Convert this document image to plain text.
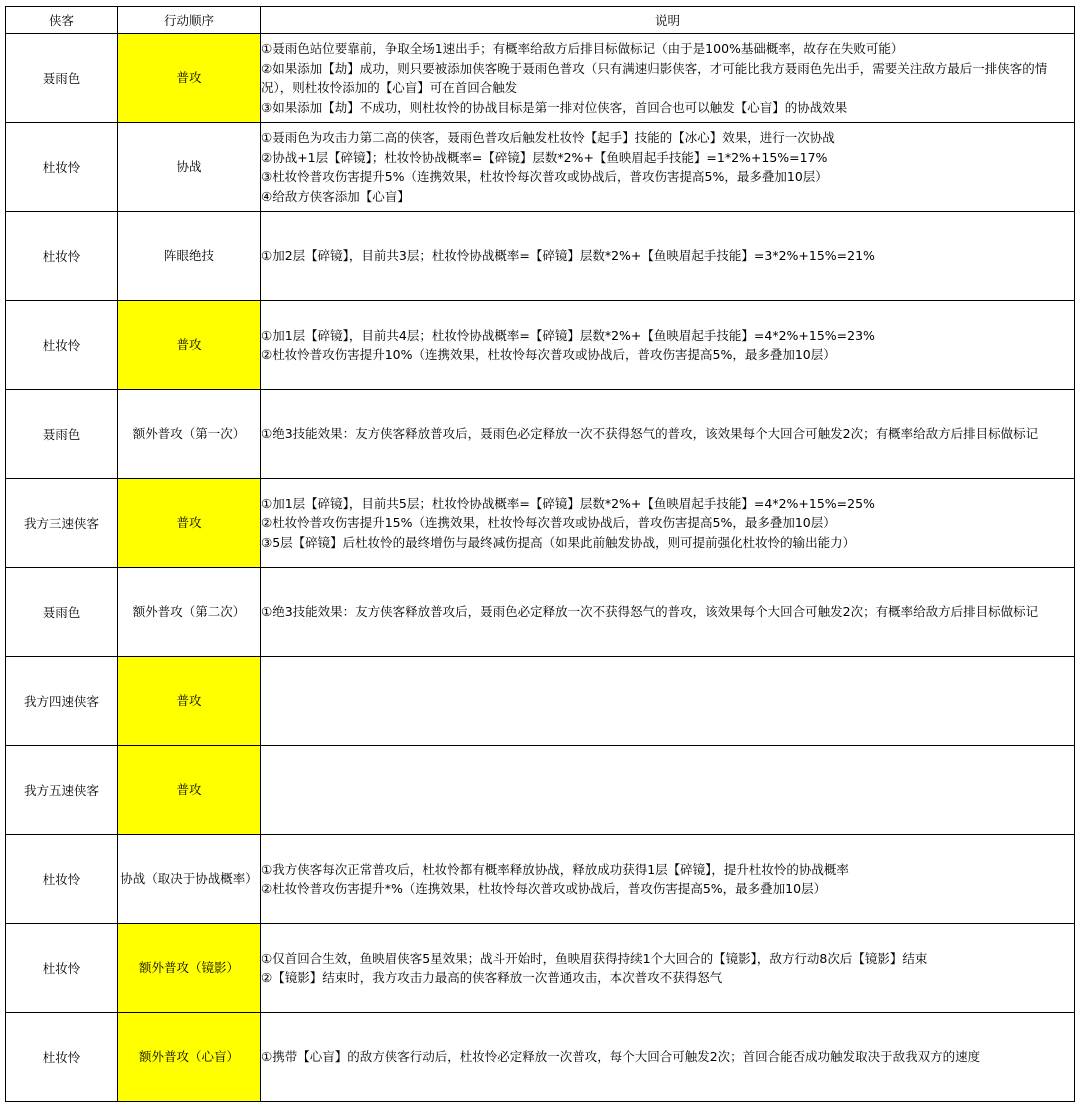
侠客	行动顺序	说明
聂雨色	普攻	①聂雨色站位要靠前，争取全场1速出手；有概率给敌方后排目标做标记（由于是100%基础概率，故存在失败可能）
②如果添加【劫】成功，则只要被添加侠客晚于聂雨色普攻（只有满速归影侠客，才可能比我方聂雨色先出手，需要关注敌方最后一排侠客的情况），则杜妆怜添加的【心盲】可在首回合触发
③如果添加【劫】不成功，则杜妆怜的协战目标是第一排对位侠客，首回合也可以触发【心盲】的协战效果

杜妆怜	协战	①聂雨色为攻击力第二高的侠客，聂雨色普攻后触发杜妆怜【起手】技能的【冰心】效果，进行一次协战
②协战+1层【碎镜】；杜妆怜协战概率=【碎镜】层数*2%+【鱼映眉起手技能】=1*2%+15%=17%
③杜妆怜普攻伤害提升5%（连携效果，杜妆怜每次普攻或协战后，普攻伤害提高5%，最多叠加10层）
④给敌方侠客添加【心盲】

杜妆怜	阵眼绝技	①加2层【碎镜】，目前共3层；杜妆怜协战概率=【碎镜】层数*2%+【鱼映眉起手技能】=3*2%+15%=21%

杜妆怜	普攻	①加1层【碎镜】，目前共4层；杜妆怜协战概率=【碎镜】层数*2%+【鱼映眉起手技能】=4*2%+15%=23%
②杜妆怜普攻伤害提升10%（连携效果，杜妆怜每次普攻或协战后，普攻伤害提高5%，最多叠加10层）

聂雨色	额外普攻（第一次）	①绝3技能效果：友方侠客释放普攻后，聂雨色必定释放一次不获得怒气的普攻，该效果每个大回合可触发2次；有概率给敌方后排目标做标记

我方三速侠客	普攻	①加1层【碎镜】，目前共5层；杜妆怜协战概率=【碎镜】层数*2%+【鱼映眉起手技能】=4*2%+15%=25%
②杜妆怜普攻伤害提升15%（连携效果，杜妆怜每次普攻或协战后，普攻伤害提高5%，最多叠加10层）
③5层【碎镜】后杜妆怜的最终增伤与最终减伤提高（如果此前触发协战，则可提前强化杜妆怜的输出能力）

聂雨色	额外普攻（第二次）	①绝3技能效果：友方侠客释放普攻后，聂雨色必定释放一次不获得怒气的普攻，该效果每个大回合可触发2次；有概率给敌方后排目标做标记

我方四速侠客	普攻	
我方五速侠客	普攻	
杜妆怜	协战（取决于协战概率）	①我方侠客每次正常普攻后，杜妆怜都有概率释放协战，释放成功获得1层【碎镜】，提升杜妆怜的协战概率
②杜妆怜普攻伤害提升*%（连携效果，杜妆怜每次普攻或协战后，普攻伤害提高5%，最多叠加10层）

杜妆怜	额外普攻（镜影）	①仅首回合生效，鱼映眉侠客5星效果；战斗开始时，鱼映眉获得持续1个大回合的【镜影】，敌方行动8次后【镜影】结束
②【镜影】结束时，我方攻击力最高的侠客释放一次普通攻击，本次普攻不获得怒气

杜妆怜	额外普攻（心盲）	①携带【心盲】的敌方侠客行动后，杜妆怜必定释放一次普攻，每个大回合可触发2次；首回合能否成功触发取决于敌我双方的速度
